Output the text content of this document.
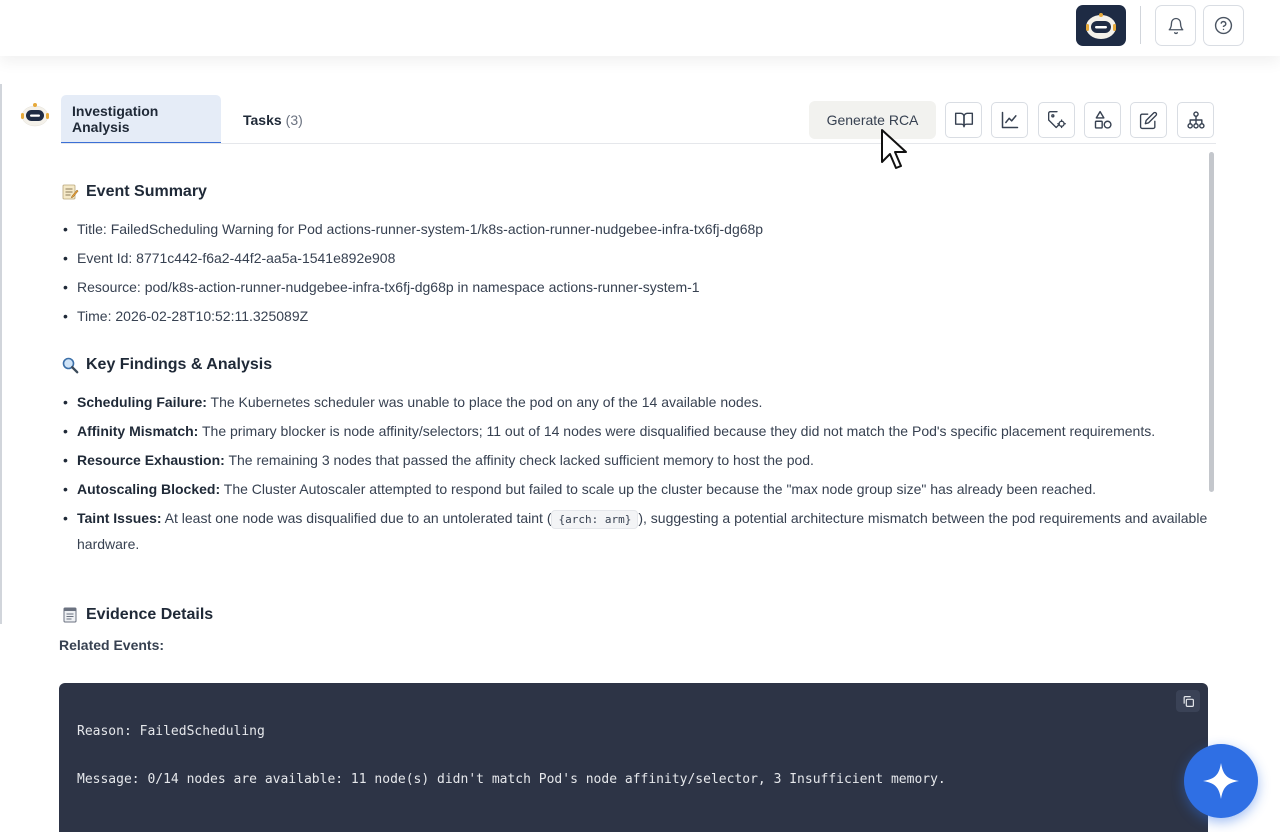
Investigation Analysis	Tasks (3)	Generate RCA
Event Summary
• Title: FailedScheduling Warning for Pod actions-runner-system-1/k8s-action-runner-nudgebee-infra-tx6fj-dg68p
• Event Id: 8771c442-f6a2-44f2-aa5a-1541e892e908
• Resource: pod/k8s-action-runner-nudgebee-infra-tx6fj-dg68p in namespace actions-runner-system-1
• Time: 2026-02-28T10:52:11.325089Z
Key Findings & Analysis
• Scheduling Failure: The Kubernetes scheduler was unable to place the pod on any of the 14 available nodes.
• Affinity Mismatch: The primary blocker is node affinity/selectors; 11 out of 14 nodes were disqualified because they did not match the Pod's specific placement requirements.
• Resource Exhaustion: The remaining 3 nodes that passed the affinity check lacked sufficient memory to host the pod.
• Autoscaling Blocked: The Cluster Autoscaler attempted to respond but failed to scale up the cluster because the "max node group size" has already been reached.
• Taint Issues: At least one node was disqualified due to an untolerated taint ( {arch: arm} ), suggesting a potential architecture mismatch between the pod requirements and available hardware.
Evidence Details
Related Events:
Reason: FailedScheduling
Message: 0/14 nodes are available: 11 node(s) didn't match Pod's node affinity/selector, 3 Insufficient memory.
